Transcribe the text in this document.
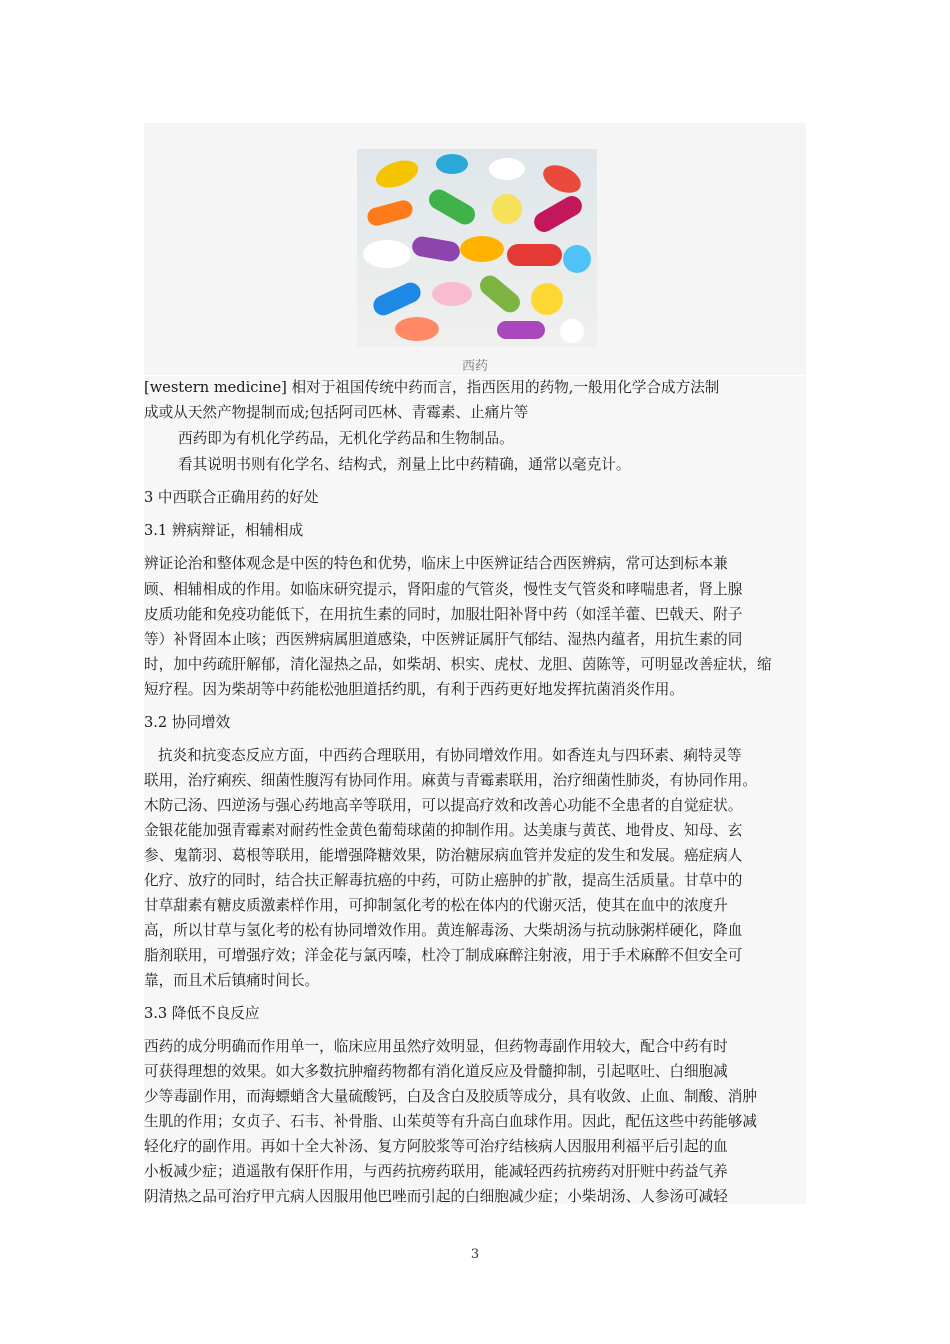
西药
[western medicine] 相对于祖国传统中药而言，指西医用的药物,一般用化学合成方法制
成或从天然产物提制而成;包括阿司匹林、青霉素、止痛片等
西药即为有机化学药品，无机化学药品和生物制品。
看其说明书则有化学名、结构式，剂量上比中药精确，通常以毫克计。
3 中西联合正确用药的好处
3.1 辨病辩证，相辅相成
辨证论治和整体观念是中医的特色和优势，临床上中医辨证结合西医辨病，常可达到标本兼
顾、相辅相成的作用。如临床研究提示，肾阳虚的气管炎，慢性支气管炎和哮喘患者，肾上腺
皮质功能和免疫功能低下，在用抗生素的同时，加服壮阳补肾中药（如淫羊藿、巴戟天、附子
等）补肾固本止咳；西医辨病属胆道感染，中医辨证属肝气郁结、湿热内蕴者，用抗生素的同
时，加中药疏肝解郁，清化湿热之品，如柴胡、枳实、虎杖、龙胆、茵陈等，可明显改善症状，缩
短疗程。因为柴胡等中药能松弛胆道括约肌，有利于西药更好地发挥抗菌消炎作用。
3.2 协同增效
抗炎和抗变态反应方面，中西药合理联用，有协同增效作用。如香连丸与四环素、痢特灵等
联用，治疗痢疾、细菌性腹泻有协同作用。麻黄与青霉素联用，治疗细菌性肺炎，有协同作用。
木防己汤、四逆汤与强心药地高辛等联用，可以提高疗效和改善心功能不全患者的自觉症状。
金银花能加强青霉素对耐药性金黄色葡萄球菌的抑制作用。达美康与黄芪、地骨皮、知母、玄
参、鬼箭羽、葛根等联用，能增强降糖效果，防治糖尿病血管并发症的发生和发展。癌症病人
化疗、放疗的同时，结合扶正解毒抗癌的中药，可防止癌肿的扩散，提高生活质量。甘草中的
甘草甜素有糖皮质激素样作用，可抑制氢化考的松在体内的代谢灭活，使其在血中的浓度升
高，所以甘草与氢化考的松有协同增效作用。黄连解毒汤、大柴胡汤与抗动脉粥样硬化，降血
脂剂联用，可增强疗效；洋金花与氯丙嗪，杜冷丁制成麻醉注射液，用于手术麻醉不但安全可
靠，而且术后镇痛时间长。
3.3 降低不良反应
西药的成分明确而作用单一，临床应用虽然疗效明显，但药物毒副作用较大，配合中药有时
可获得理想的效果。如大多数抗肿瘤药物都有消化道反应及骨髓抑制，引起呕吐、白细胞减
少等毒副作用，而海螵蛸含大量硫酸钙，白及含白及胶质等成分，具有收敛、止血、制酸、消肿
生肌的作用；女贞子、石韦、补骨脂、山茱萸等有升高白血球作用。因此，配伍这些中药能够减
轻化疗的副作用。再如十全大补汤、复方阿胶浆等可治疗结核病人因服用利福平后引起的血
小板减少症；逍遥散有保肝作用，与西药抗痨药联用，能减轻西药抗痨药对肝赃中药益气养
阴清热之品可治疗甲亢病人因服用他巴唑而引起的白细胞减少症；小柴胡汤、人参汤可减轻
3
